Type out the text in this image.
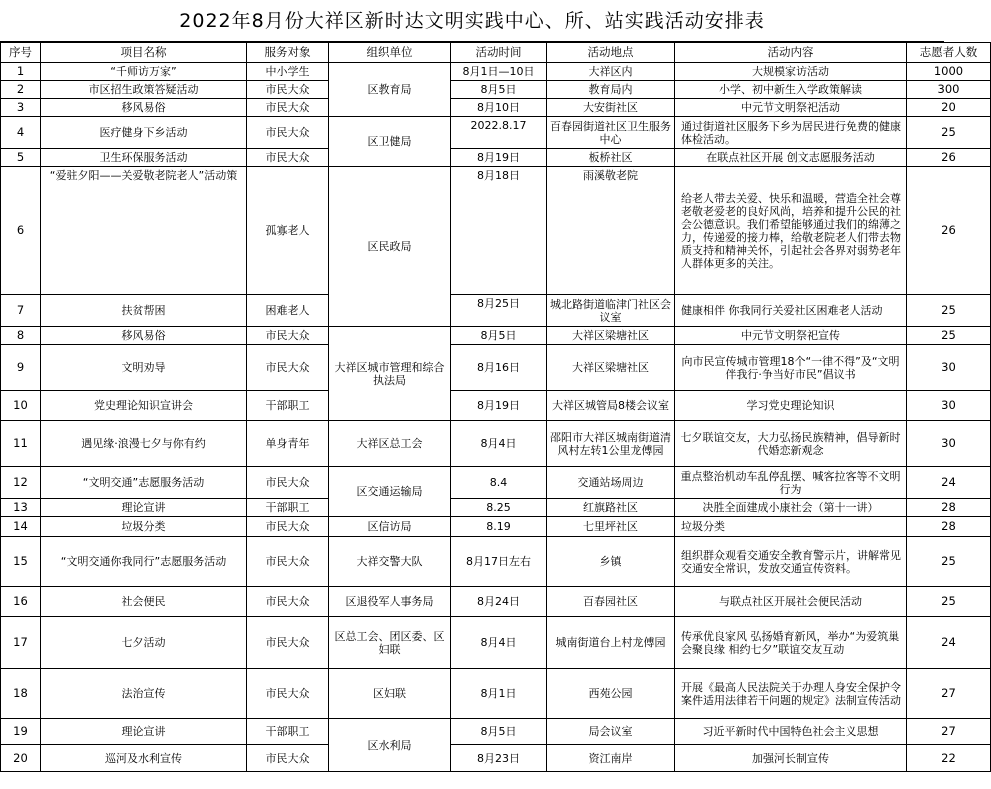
2022年8月份大祥区新时达文明实践中心、所、站实践活动安排表
序号	项目名称	服务对象	组织单位	活动时间	活动地点	活动内容	志愿者人数
1	“千师访万家”	中小学生	区教育局	8月1日—10日	大祥区内	大规模家访活动	1000
2	市区招生政策答疑活动	市民大众		8月5日	教育局内	小学、初中新生入学政策解读	300
3	移风易俗	市民大众		8月10日	大安街社区	中元节文明祭祀活动	20
4	医疗健身下乡活动	市民大众	区卫健局	2022.8.17	百春园街道社区卫生服务中心	通过街道社区服务下乡为居民进行免费的健康体检活动。	25
5	卫生环保服务活动	市民大众		8月19日	板桥社区	在联点社区开展 创文志愿服务活动	26
6	“爱驻夕阳——关爱敬老院老人”活动策	孤寡老人	区民政局	8月18日	雨溪敬老院	给老人带去关爱、快乐和温暖，营造全社会尊老敬老爱老的良好风尚，培养和提升公民的社会公德意识。我们希望能够通过我们的绵薄之力，传递爱的接力棒，给敬老院老人们带去物质支持和精神关怀，引起社会各界对弱势老年人群体更多的关注。	26
7	扶贫帮困	困难老人		8月25日	城北路街道临津门社区会议室	健康相伴 你我同行关爱社区困难老人活动	25
8	移风易俗	市民大众	大祥区城市管理和综合执法局	8月5日	大祥区梁塘社区	中元节文明祭祀宣传	25
9	文明劝导	市民大众		8月16日	大祥区梁塘社区	向市民宣传城市管理18个“一律不得”及“文明伴我行·争当好市民”倡议书	30
10	党史理论知识宣讲会	干部职工		8月19日	大祥区城管局8楼会议室	学习党史理论知识	30
11	遇见缘·浪漫七夕与你有约	单身青年	大祥区总工会	8月4日	邵阳市大祥区城南街道清风村左转1公里龙傅园	七夕联谊交友，大力弘扬民族精神，倡导新时代婚恋新观念	30
12	“文明交通”志愿服务活动	市民大众	区交通运输局	8.4	交通站场周边	重点整治机动车乱停乱摆、喊客拉客等不文明行为	24
13	理论宣讲	干部职工		8.25	红旗路社区	决胜全面建成小康社会（第十一讲）	28
14	垃圾分类	市民大众	区信访局	8.19	七里坪社区	垃圾分类	28
15	“文明交通你我同行”志愿服务活动	市民大众	大祥交警大队	8月17日左右	乡镇	组织群众观看交通安全教育警示片，讲解常见交通安全常识，发放交通宣传资料。	25
16	社会便民	市民大众	区退役军人事务局	8月24日	百春园社区	与联点社区开展社会便民活动	25
17	七夕活动	市民大众	区总工会、团区委、区妇联	8月4日	城南街道台上村龙傅园	传承优良家风 弘扬婚育新风，举办“为爱筑巢 会聚良缘 相约七夕”联谊交友互动	24
18	法治宣传	市民大众	区妇联	8月1日	西苑公园	开展《最高人民法院关于办理人身安全保护令案件适用法律若干问题的规定》法制宣传活动	27
19	理论宣讲	干部职工	区水利局	8月5日	局会议室	习近平新时代中国特色社会主义思想	27
20	巡河及水利宣传	市民大众		8月23日	资江南岸	加强河长制宣传	22
